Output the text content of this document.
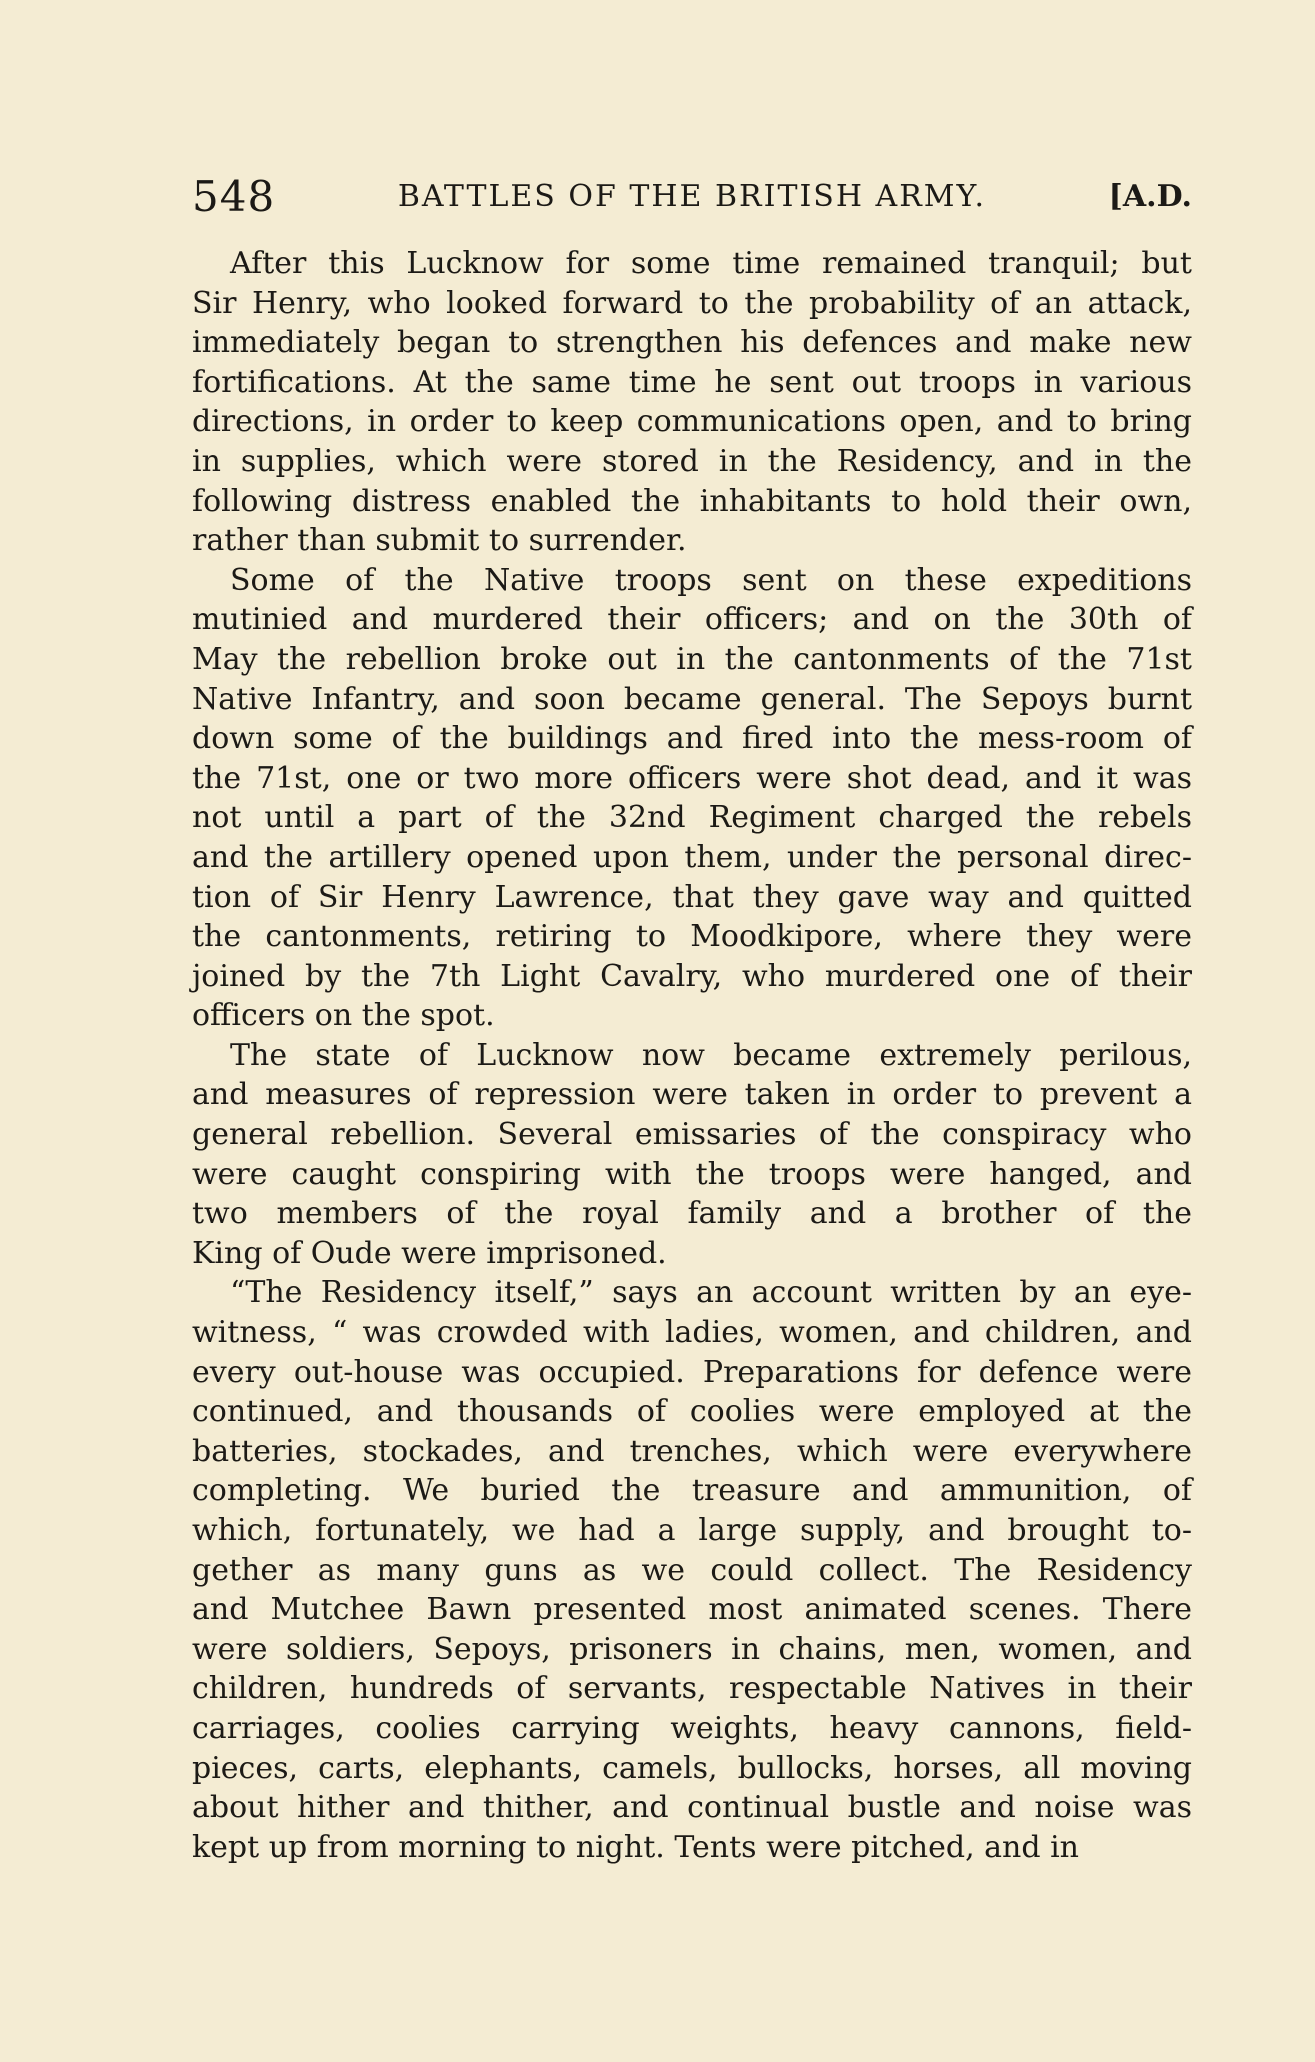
548	BATTLES OF THE BRITISH ARMY.	[A.D.
After this Lucknow for some time remained tranquil; but
Sir Henry, who looked forward to the probability of an attack,
immediately began to strengthen his defences and make new
fortifications. At the same time he sent out troops in various
directions, in order to keep communications open, and to bring
in supplies, which were stored in the Residency, and in the
following distress enabled the inhabitants to hold their own,
rather than submit to surrender.
Some of the Native troops sent on these expeditions
mutinied and murdered their officers; and on the 30th of
May the rebellion broke out in the cantonments of the 71st
Native Infantry, and soon became general. The Sepoys burnt
down some of the buildings and fired into the mess-room of
the 71st, one or two more officers were shot dead, and it was
not until a part of the 32nd Regiment charged the rebels
and the artillery opened upon them, under the personal direc-
tion of Sir Henry Lawrence, that they gave way and quitted
the cantonments, retiring to Moodkipore, where they were
joined by the 7th Light Cavalry, who murdered one of their
officers on the spot.
The state of Lucknow now became extremely perilous,
and measures of repression were taken in order to prevent a
general rebellion. Several emissaries of the conspiracy who
were caught conspiring with the troops were hanged, and
two members of the royal family and a brother of the
King of Oude were imprisoned.
“The Residency itself,” says an account written by an eye-
witness, “ was crowded with ladies, women, and children, and
every out-house was occupied. Preparations for defence were
continued, and thousands of coolies were employed at the
batteries, stockades, and trenches, which were everywhere
completing. We buried the treasure and ammunition, of
which, fortunately, we had a large supply, and brought to-
gether as many guns as we could collect. The Residency
and Mutchee Bawn presented most animated scenes. There
were soldiers, Sepoys, prisoners in chains, men, women, and
children, hundreds of servants, respectable Natives in their
carriages, coolies carrying weights, heavy cannons, field-
pieces, carts, elephants, camels, bullocks, horses, all moving
about hither and thither, and continual bustle and noise was
kept up from morning to night. Tents were pitched, and in
